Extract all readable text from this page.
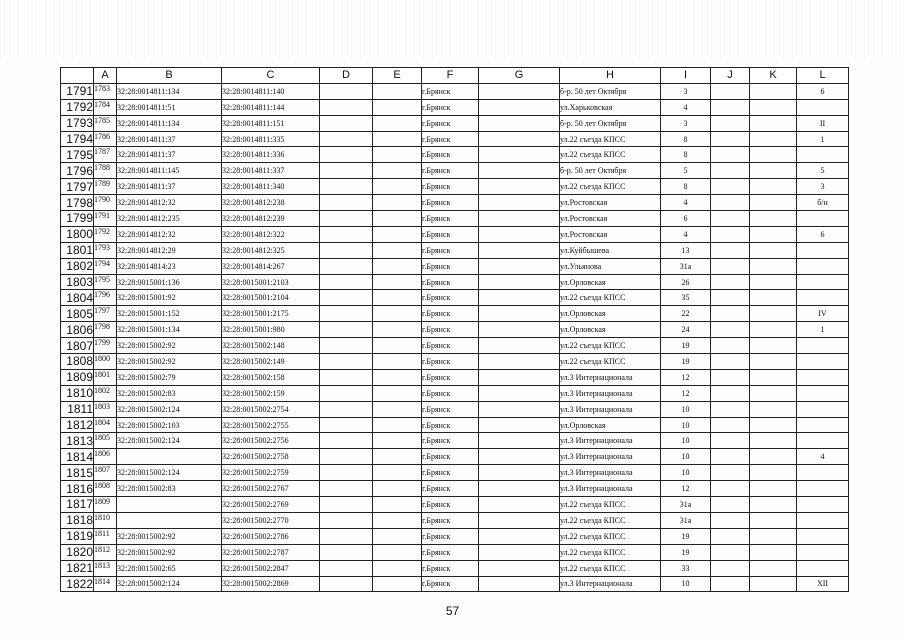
	A	B	C	D	E	F	G	H	I	J	K	L
1791	1783	32:28:0014811:134	32:28:0014811:140			г.Брянск		б-р. 50 лет Октября	3			6
1792	1784	32:28:0014811:51	32:28:0014811:144			г.Брянск		ул.Харьковская	4			
1793	1785	32:28:0014811:134	32:28:0014811:151			г.Брянск		б-р. 50 лет Октября	3			II
1794	1786	32:28:0014811:37	32:28:0014811:335			г.Брянск		ул.22 съезда КПСС	8			1
1795	1787	32:28:0014811:37	32:28:0014811:336			г.Брянск		ул.22 съезда КПСС	8			
1796	1788	32:28:0014811:145	32:28:0014811:337			г.Брянск		б-р. 50 лет Октября	5			5
1797	1789	32:28:0014811:37	32:28:0014811:340			г.Брянск		ул.22 съезда КПСС	8			3
1798	1790	32:28:0014812:32	32:28:0014812:238			г.Брянск		ул.Ростовская	4			б/н
1799	1791	32:28:0014812:235	32:28:0014812:239			г.Брянск		ул.Ростовская	6			
1800	1792	32:28:0014812:32	32:28:0014812:322			г.Брянск		ул.Ростовская	4			6
1801	1793	32:28:0014812:29	32:28:0014812:325			г.Брянск		ул.Куйбышева	13			
1802	1794	32:28:0014814:23	32:28:0014814:267			г.Брянск		ул.Ульянова	31а			
1803	1795	32:28:0015001:136	32:28:0015001:2103			г.Брянск		ул.Орловская	26			
1804	1796	32:28:0015001:92	32:28:0015001:2104			г.Брянск		ул.22 съезда КПСС	35			
1805	1797	32:28:0015001:152	32:28:0015001:2175			г.Брянск		ул.Орловская	22			IV
1806	1798	32:28:0015001:134	32:28:0015001:980			г.Брянск		ул.Орловская	24			1
1807	1799	32:28:0015002:92	32:28:0015002:148			г.Брянск		ул.22 съезда КПСС	19			
1808	1800	32:28:0015002:92	32:28:0015002:149			г.Брянск		ул.22 съезда КПСС	19			
1809	1801	32:28:0015002:79	32:28:0015002:158			г.Брянск		ул.3 Интернационала	12			
1810	1802	32:28:0015002:83	32:28:0015002:159			г.Брянск		ул.3 Интернационала	12			
1811	1803	32:28:0015002:124	32:28:0015002:2754			г.Брянск		ул.3 Интернационала	10			
1812	1804	32:28:0015002:103	32:28:0015002:2755			г.Брянск		ул.Орловская	10			
1813	1805	32:28:0015002:124	32:28:0015002:2756			г.Брянск		ул.3 Интернационала	10			
1814	1806		32:28:0015002:2758			г.Брянск		ул.3 Интернационала	10			4
1815	1807	32:28:0015002:124	32:28:0015002:2759			г.Брянск		ул.3 Интернационала	10			
1816	1808	32:28:0015002:83	32:28:0015002:2767			г.Брянск		ул.3 Интернационала	12			
1817	1809		32:28:0015002:2769			г.Брянск		ул.22 съезда КПСС	31а			
1818	1810		32:28:0015002:2770			г.Брянск		ул.22 съезда КПСС	31а			
1819	1811	32:28:0015002:92	32:28:0015002:2786			г.Брянск		ул.22 съезда КПСС	19			
1820	1812	32:28:0015002:92	32:28:0015002:2787			г.Брянск		ул.22 съезда КПСС	19			
1821	1813	32:28:0015002:65	32:28:0015002:2847			г.Брянск		ул.22 съезда КПСС	33			
1822	1814	32:28:0015002:124	32:28:0015002:2869			г.Брянск		ул.3 Интернационала	10			XII
57
